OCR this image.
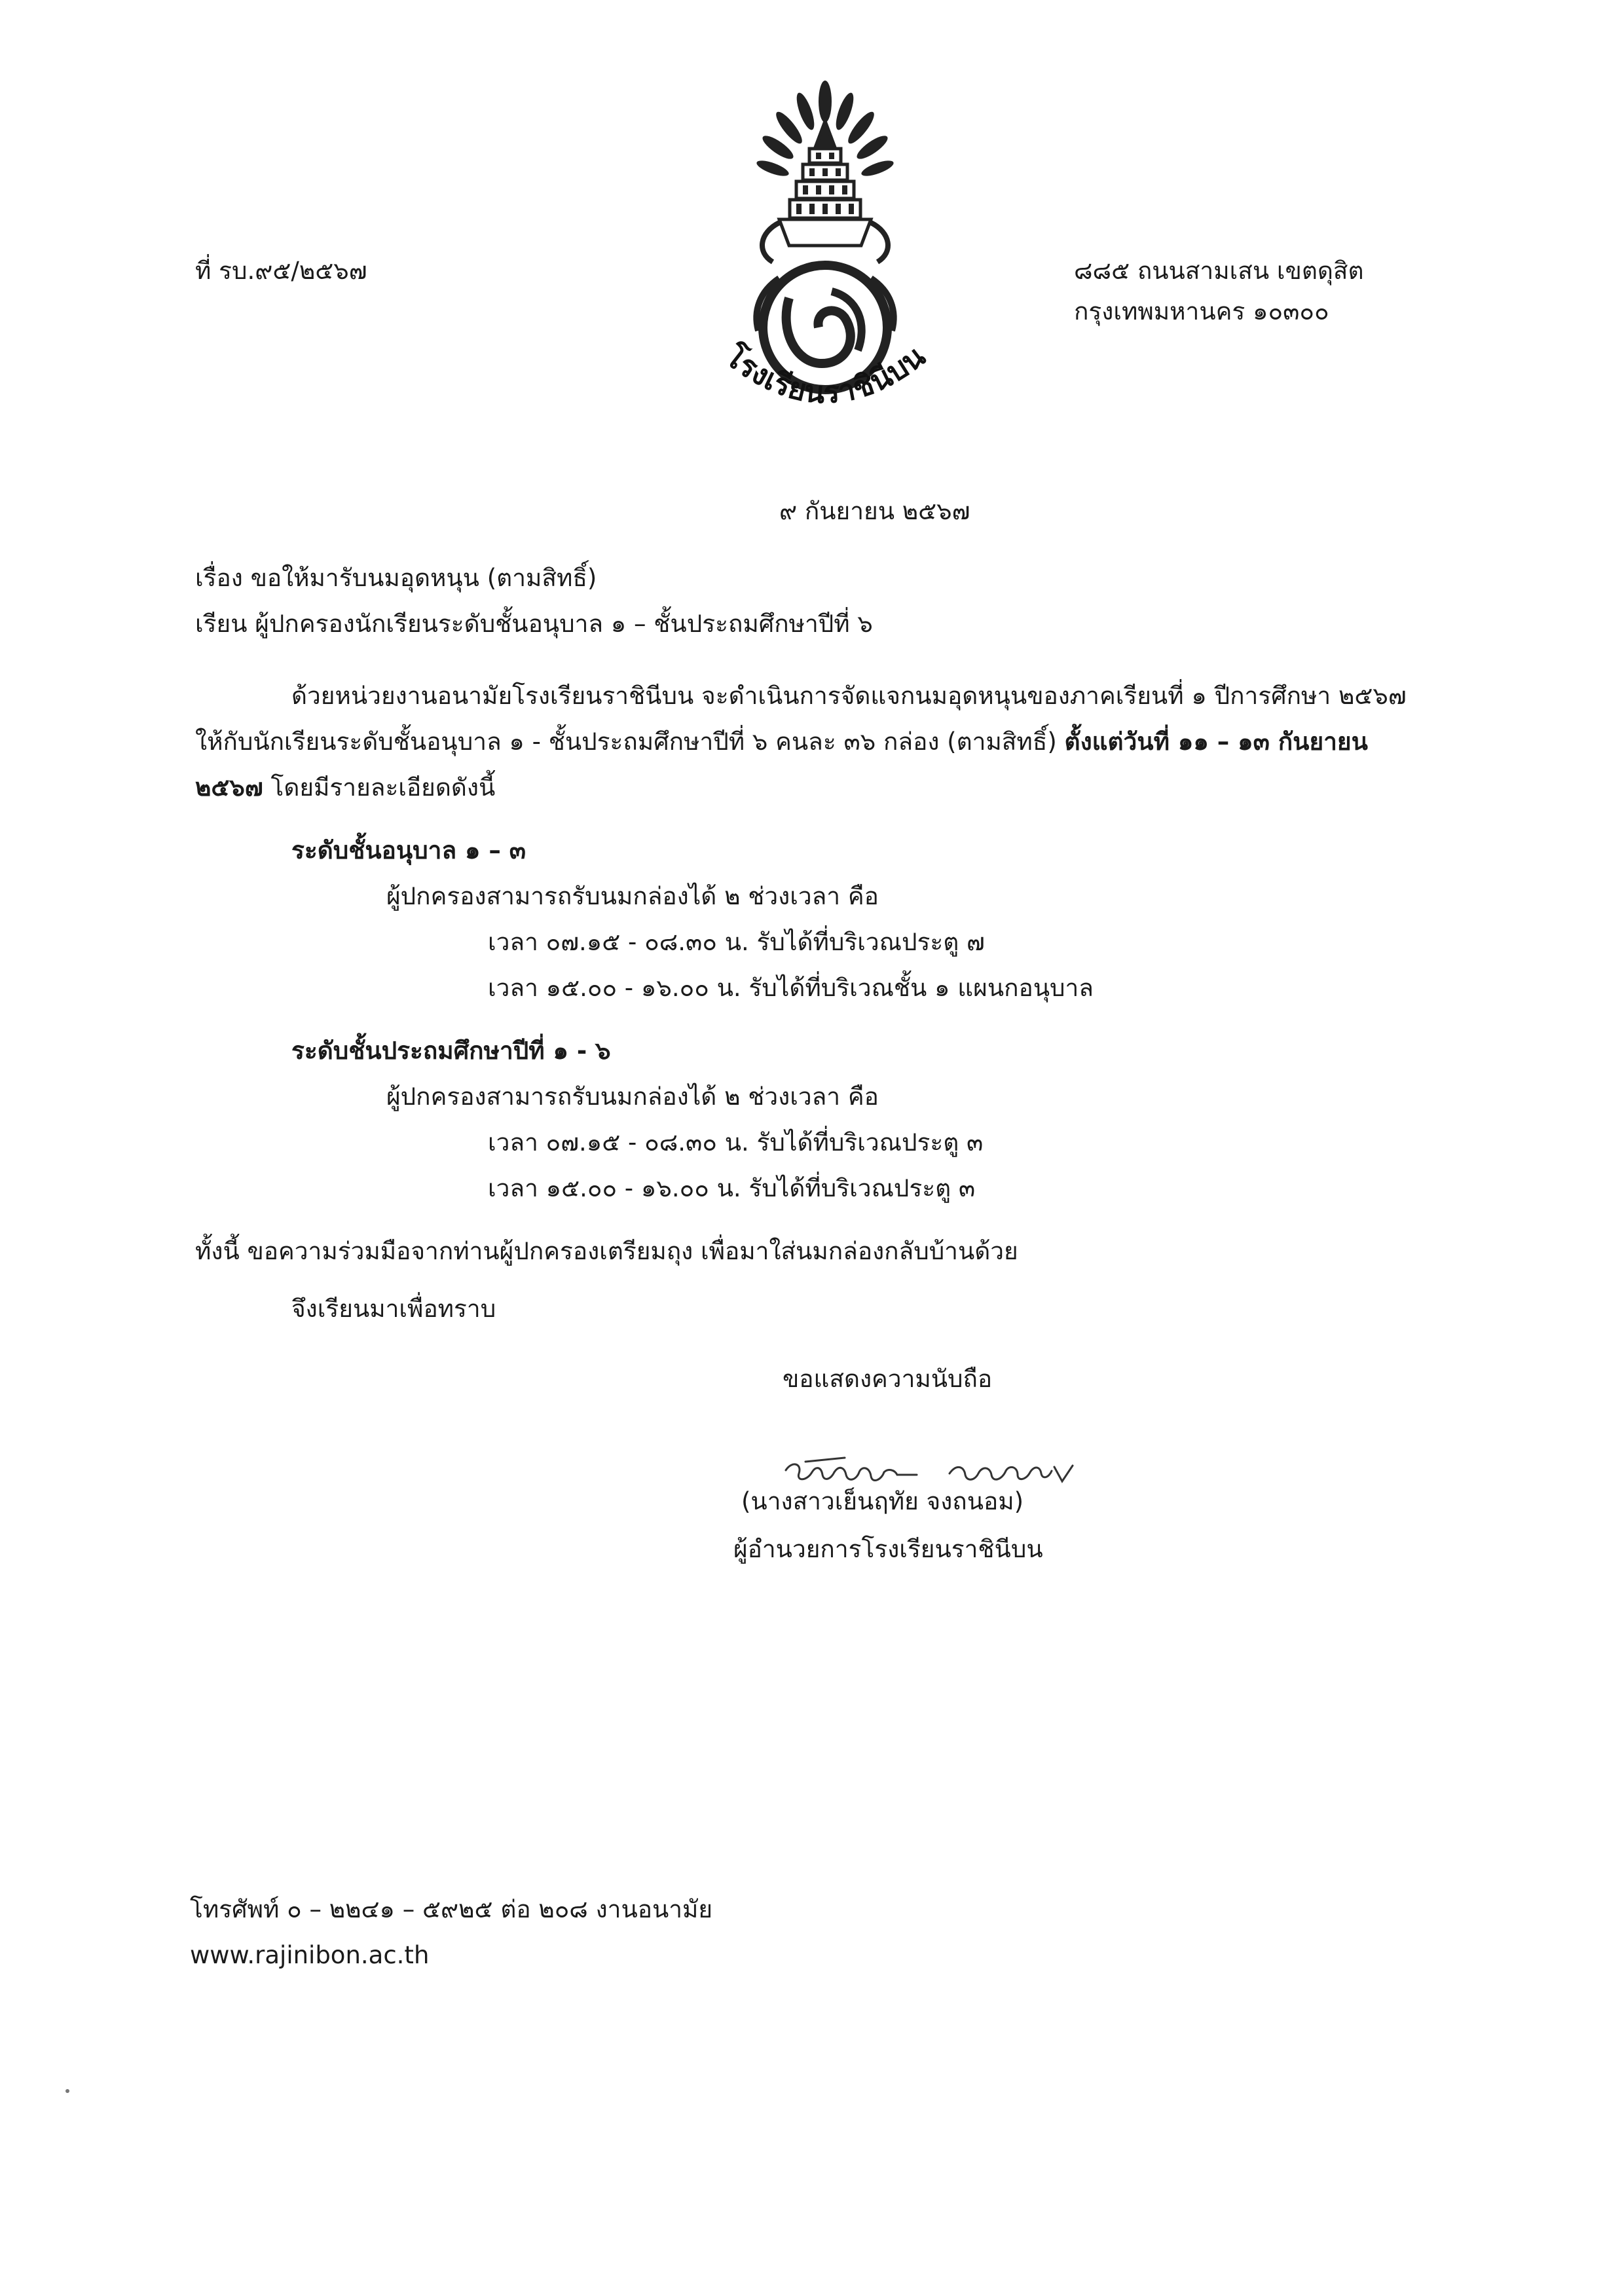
โรงเรียนราชินีบน
ที่ รบ.๙๕/๒๕๖๗	๘๘๕ ถนนสามเสน เขตดุสิต
กรุงเทพมหานคร ๑๐๓๐๐
๙ กันยายน ๒๕๖๗
เรื่อง ขอให้มารับนมอุดหนุน (ตามสิทธิ์)
เรียน ผู้ปกครองนักเรียนระดับชั้นอนุบาล ๑ – ชั้นประถมศึกษาปีที่ ๖
ด้วยหน่วยงานอนามัยโรงเรียนราชินีบน จะดำเนินการจัดแจกนมอุดหนุนของภาคเรียนที่ ๑ ปีการศึกษา ๒๕๖๗
ให้กับนักเรียนระดับชั้นอนุบาล ๑ - ชั้นประถมศึกษาปีที่ ๖ คนละ ๓๖ กล่อง (ตามสิทธิ์) ตั้งแต่วันที่ ๑๑ – ๑๓ กันยายน
๒๕๖๗ โดยมีรายละเอียดดังนี้
ระดับชั้นอนุบาล ๑ – ๓
ผู้ปกครองสามารถรับนมกล่องได้ ๒ ช่วงเวลา คือ
เวลา ๐๗.๑๕ - ๐๘.๓๐ น. รับได้ที่บริเวณประตู ๗
เวลา ๑๕.๐๐ - ๑๖.๐๐ น. รับได้ที่บริเวณชั้น ๑ แผนกอนุบาล
ระดับชั้นประถมศึกษาปีที่ ๑ - ๖
ผู้ปกครองสามารถรับนมกล่องได้ ๒ ช่วงเวลา คือ
เวลา ๐๗.๑๕ - ๐๘.๓๐ น. รับได้ที่บริเวณประตู ๓
เวลา ๑๕.๐๐ - ๑๖.๐๐ น. รับได้ที่บริเวณประตู ๓
ทั้งนี้ ขอความร่วมมือจากท่านผู้ปกครองเตรียมถุง เพื่อมาใส่นมกล่องกลับบ้านด้วย
จึงเรียนมาเพื่อทราบ
ขอแสดงความนับถือ
(นางสาวเย็นฤทัย จงถนอม)
ผู้อำนวยการโรงเรียนราชินีบน
โทรศัพท์ ๐ – ๒๒๔๑ – ๕๙๒๕ ต่อ ๒๐๘ งานอนามัย
www.rajinibon.ac.th
